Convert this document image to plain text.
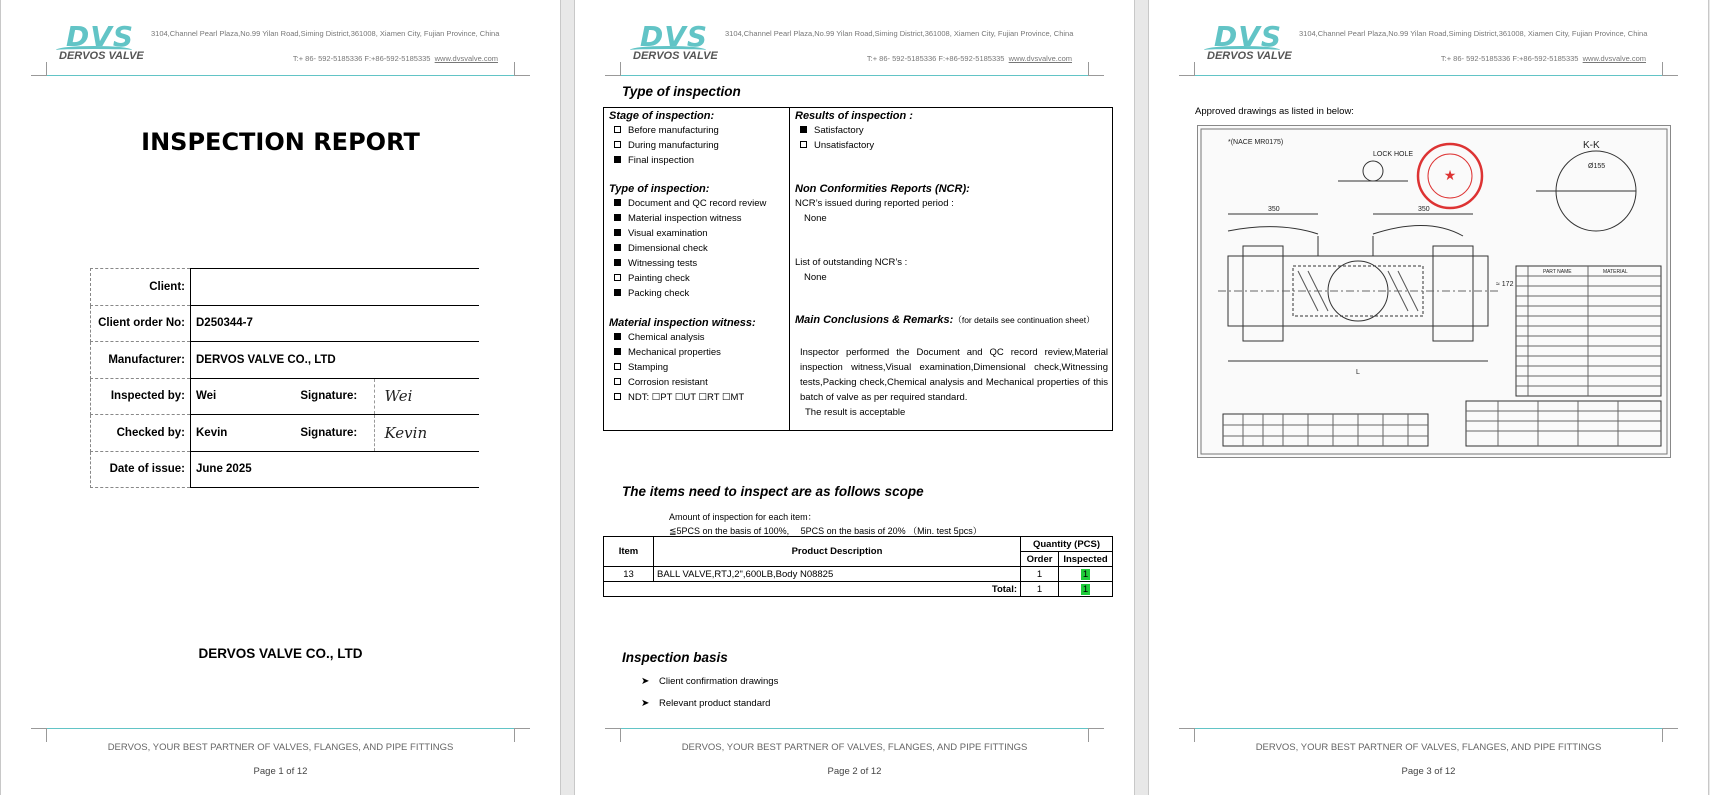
DVS
DERVOS VALVE
3104,Channel Pearl Plaza,No.99 Yilan Road,Siming District,361008, Xiamen City, Fujian Province, China
T:+ 86- 592-5185336 F:+86-592-5185335 www.dvsvalve.com
INSPECTION REPORT
Client:			
Client order No:	D250344-7		
Manufacturer:	DERVOS VALVE CO., LTD		
Inspected by:	Wei	Signature:	Wei
Checked by:	Kevin	Signature:	Kevin
Date of issue:	June 2025		
DERVOS VALVE CO., LTD
DERVOS, YOUR BEST PARTNER OF VALVES, FLANGES, AND PIPE FITTINGS
Page 1 of 12
DVS
DERVOS VALVE
3104,Channel Pearl Plaza,No.99 Yilan Road,Siming District,361008, Xiamen City, Fujian Province, China
T:+ 86- 592-5185336 F:+86-592-5185335 www.dvsvalve.com
Type of inspection
Stage of inspection:
Before manufacturing
During manufacturing
Final inspection
Type of inspection:
Document and QC record review
Material inspection witness
Visual examination
Dimensional check
Witnessing tests
Painting check
Packing check
Material inspection witness:
Chemical analysis
Mechanical properties
Stamping
Corrosion resistant
NDT: ☐PT ☐UT ☐RT ☐MT
Results of inspection :
Satisfactory
Unsatisfactory
Non Conformities Reports (NCR):
NCR’s issued during reported period :
None
List of outstanding NCR’s :
None
Main Conclusions & Remarks:（for details see continuation sheet）
Inspector performed the Document and QC record review,Material inspection witness,Visual examination,Dimensional check,Witnessing tests,Packing check,Chemical analysis and Mechanical properties of this batch of valve as per required standard.
The result is acceptable
The items need to inspect are as follows scope
Amount of inspection for each item：
≦5PCS on the basis of 100%, 　5PCS on the basis of 20% （Min. test 5pcs）
Item	Product Description	Quantity (PCS)	
		Order	Inspected
13	BALL VALVE,RTJ,2",600LB,Body N08825	1	1
Total:		1	1
Inspection basis
➤ Client confirmation drawings
➤ Relevant product standard
DERVOS, YOUR BEST PARTNER OF VALVES, FLANGES, AND PIPE FITTINGS
Page 2 of 12
DVS
DERVOS VALVE
3104,Channel Pearl Plaza,No.99 Yilan Road,Siming District,361008, Xiamen City, Fujian Province, China
T:+ 86- 592-5185336 F:+86-592-5185335 www.dvsvalve.com
Approved drawings as listed in below:
★
*(NACE MR0175)
LOCK HOLE
K-K
Ø155
350	350
≈ 172
L
PART NAME	MATERIAL
DERVOS, YOUR BEST PARTNER OF VALVES, FLANGES, AND PIPE FITTINGS
Page 3 of 12
